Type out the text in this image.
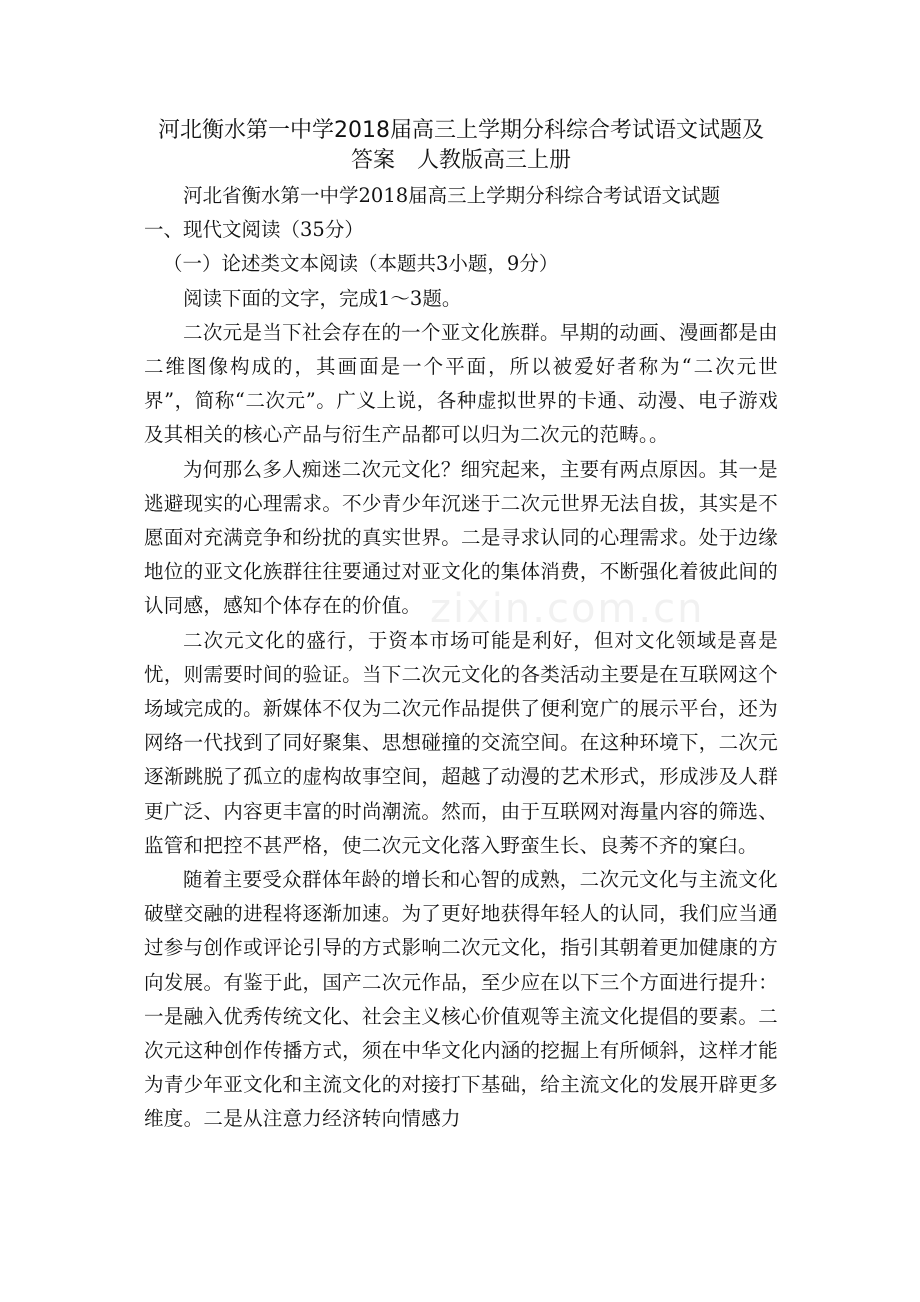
河北衡水第一中学2018届高三上学期分科综合考试语文试题及
答案　人教版高三上册

河北省衡水第一中学2018届高三上学期分科综合考试语文试题

一、现代文阅读（35分）

（一）论述类文本阅读（本题共3小题，9分）

阅读下面的文字，完成1～3题。

二次元是当下社会存在的一个亚文化族群。早期的动画、漫画都是由二维图像构成的，其画面是一个平面，所以被爱好者称为“二次元世界”，简称“二次元”。广义上说，各种虚拟世界的卡通、动漫、电子游戏及其相关的核心产品与衍生产品都可以归为二次元的范畴。。

为何那么多人痴迷二次元文化？细究起来，主要有两点原因。其一是逃避现实的心理需求。不少青少年沉迷于二次元世界无法自拔，其实是不愿面对充满竞争和纷扰的真实世界。二是寻求认同的心理需求。处于边缘地位的亚文化族群往往要通过对亚文化的集体消费，不断强化着彼此间的认同感，感知个体存在的价值。

二次元文化的盛行，于资本市场可能是利好，但对文化领域是喜是忧，则需要时间的验证。当下二次元文化的各类活动主要是在互联网这个场域完成的。新媒体不仅为二次元作品提供了便利宽广的展示平台，还为网络一代找到了同好聚集、思想碰撞的交流空间。在这种环境下，二次元逐渐跳脱了孤立的虚构故事空间，超越了动漫的艺术形式，形成涉及人群更广泛、内容更丰富的时尚潮流。然而，由于互联网对海量内容的筛选、监管和把控不甚严格，使二次元文化落入野蛮生长、良莠不齐的窠臼。

随着主要受众群体年龄的增长和心智的成熟，二次元文化与主流文化破壁交融的进程将逐渐加速。为了更好地获得年轻人的认同，我们应当通过参与创作或评论引导的方式影响二次元文化，指引其朝着更加健康的方向发展。有鉴于此，国产二次元作品，至少应在以下三个方面进行提升：一是融入优秀传统文化、社会主义核心价值观等主流文化提倡的要素。二次元这种创作传播方式，须在中华文化内涵的挖掘上有所倾斜，这样才能为青少年亚文化和主流文化的对接打下基础，给主流文化的发展开辟更多维度。二是从注意力经济转向情感力

zixin.com.cn
